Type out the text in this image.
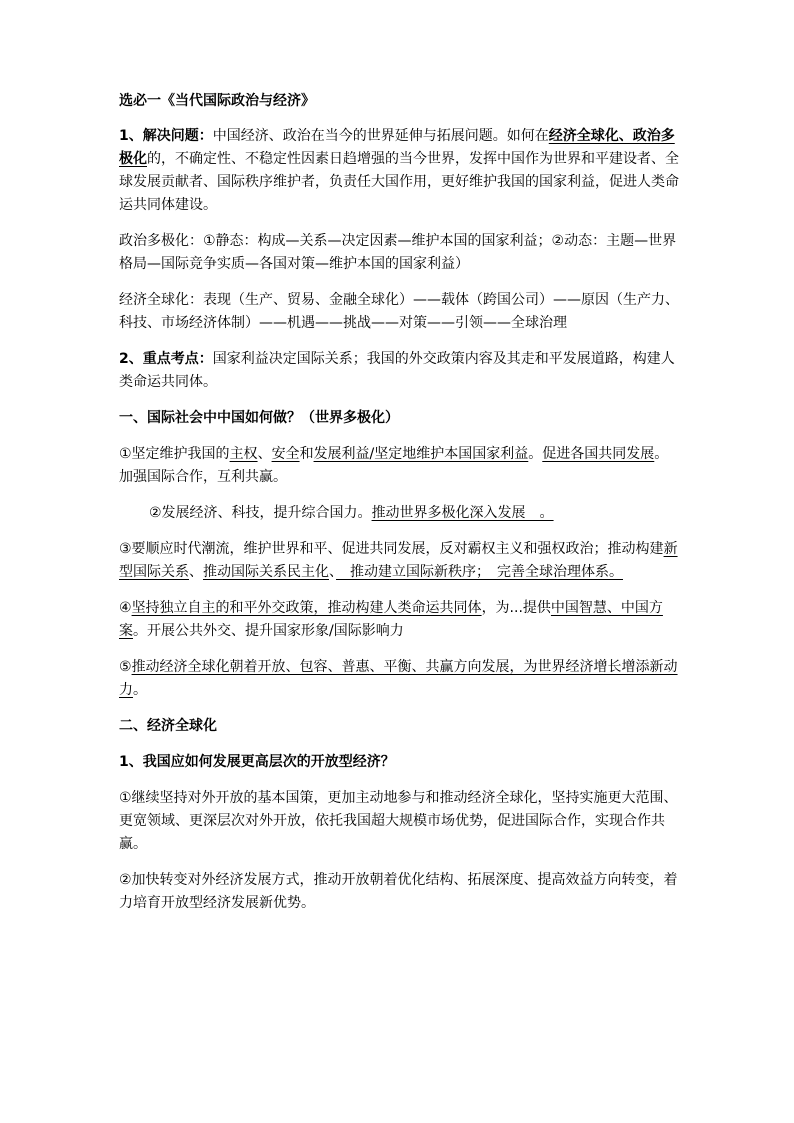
选必一《当代国际政治与经济》

1、解决问题：中国经济、政治在当今的世界延伸与拓展问题。如何在经济全球化、政治多极化的，不确定性、不稳定性因素日趋增强的当今世界，发挥中国作为世界和平建设者、全球发展贡献者、国际秩序维护者，负责任大国作用，更好维护我国的国家利益，促进人类命运共同体建设。

政治多极化：①静态：构成—关系—决定因素—维护本国的国家利益；②动态：主题—世界格局—国际竞争实质—各国对策—维护本国的国家利益）

经济全球化：表现（生产、贸易、金融全球化）——载体（跨国公司）——原因（生产力、科技、市场经济体制）——机遇——挑战——对策——引领——全球治理

2、重点考点：国家利益决定国际关系；我国的外交政策内容及其走和平发展道路，构建人类命运共同体。

一、国际社会中中国如何做？（世界多极化）

①坚定维护我国的主权、安全和发展利益/坚定地维护本国国家利益。促进各国共同发展。加强国际合作，互利共赢。

②发展经济、科技，提升综合国力。推动世界多极化深入发展　。

③要顺应时代潮流，维护世界和平、促进共同发展，反对霸权主义和强权政治；推动构建新型国际关系、推动国际关系民主化、　推动建立国际新秩序；　完善全球治理体系。

④坚持独立自主的和平外交政策，推动构建人类命运共同体，为...提供中国智慧、中国方案。开展公共外交、提升国家形象/国际影响力

⑤推动经济全球化朝着开放、包容、普惠、平衡、共赢方向发展，为世界经济增长增添新动力。

二、经济全球化

1、我国应如何发展更高层次的开放型经济？

①继续坚持对外开放的基本国策，更加主动地参与和推动经济全球化，坚持实施更大范围、更宽领域、更深层次对外开放，依托我国超大规模市场优势，促进国际合作，实现合作共赢。

②加快转变对外经济发展方式，推动开放朝着优化结构、拓展深度、提高效益方向转变，着力培育开放型经济发展新优势。
